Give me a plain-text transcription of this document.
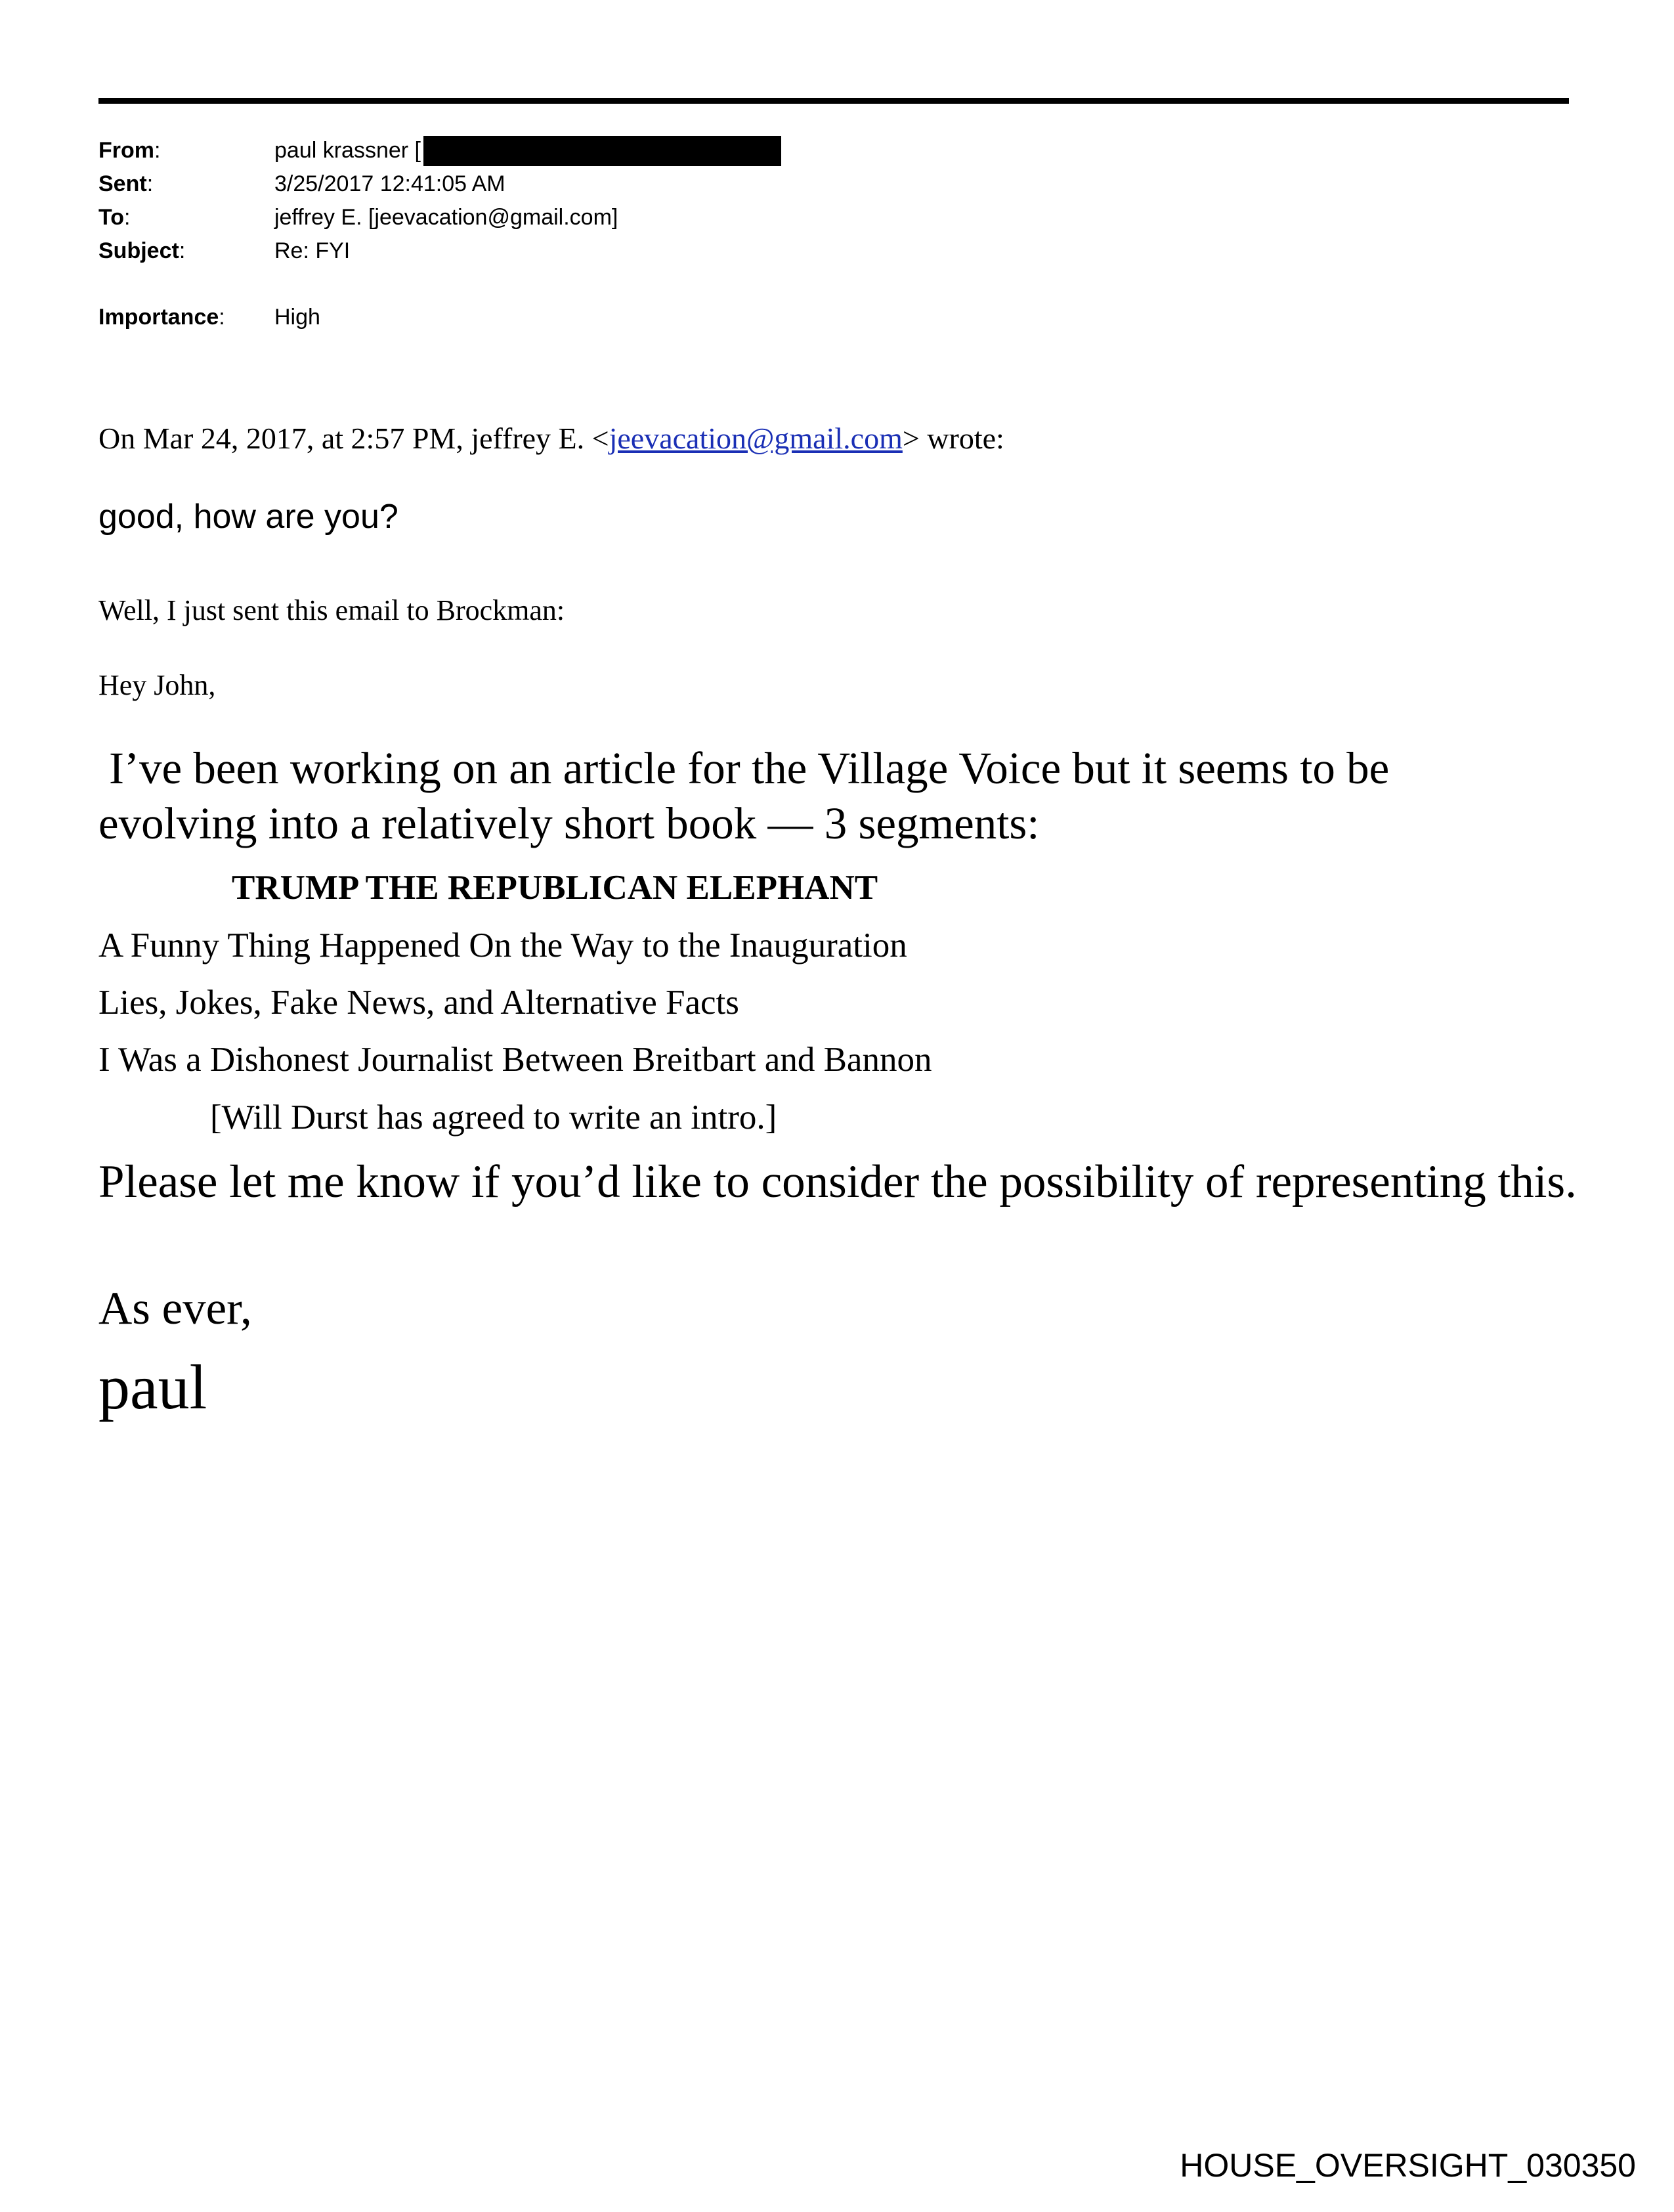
From:	paul krassner [
Sent:	3/25/2017 12:41:05 AM
To:	jeffrey E. [jeevacation@gmail.com]
Subject:	Re: FYI
Importance:	High
On Mar 24, 2017, at 2:57 PM, jeffrey E. <jeevacation@gmail.com> wrote:
good, how are you?
Well, I just sent this email to Brockman:
Hey John,
I’ve been working on an article for the Village Voice but it seems to be
evolving into a relatively short book — 3 segments:
TRUMP THE REPUBLICAN ELEPHANT
A Funny Thing Happened On the Way to the Inauguration
Lies, Jokes, Fake News, and Alternative Facts
I Was a Dishonest Journalist Between Breitbart and Bannon
[Will Durst has agreed to write an intro.]
Please let me know if you’d like to consider the possibility of representing this.
As ever,
paul
HOUSE_OVERSIGHT_030350
